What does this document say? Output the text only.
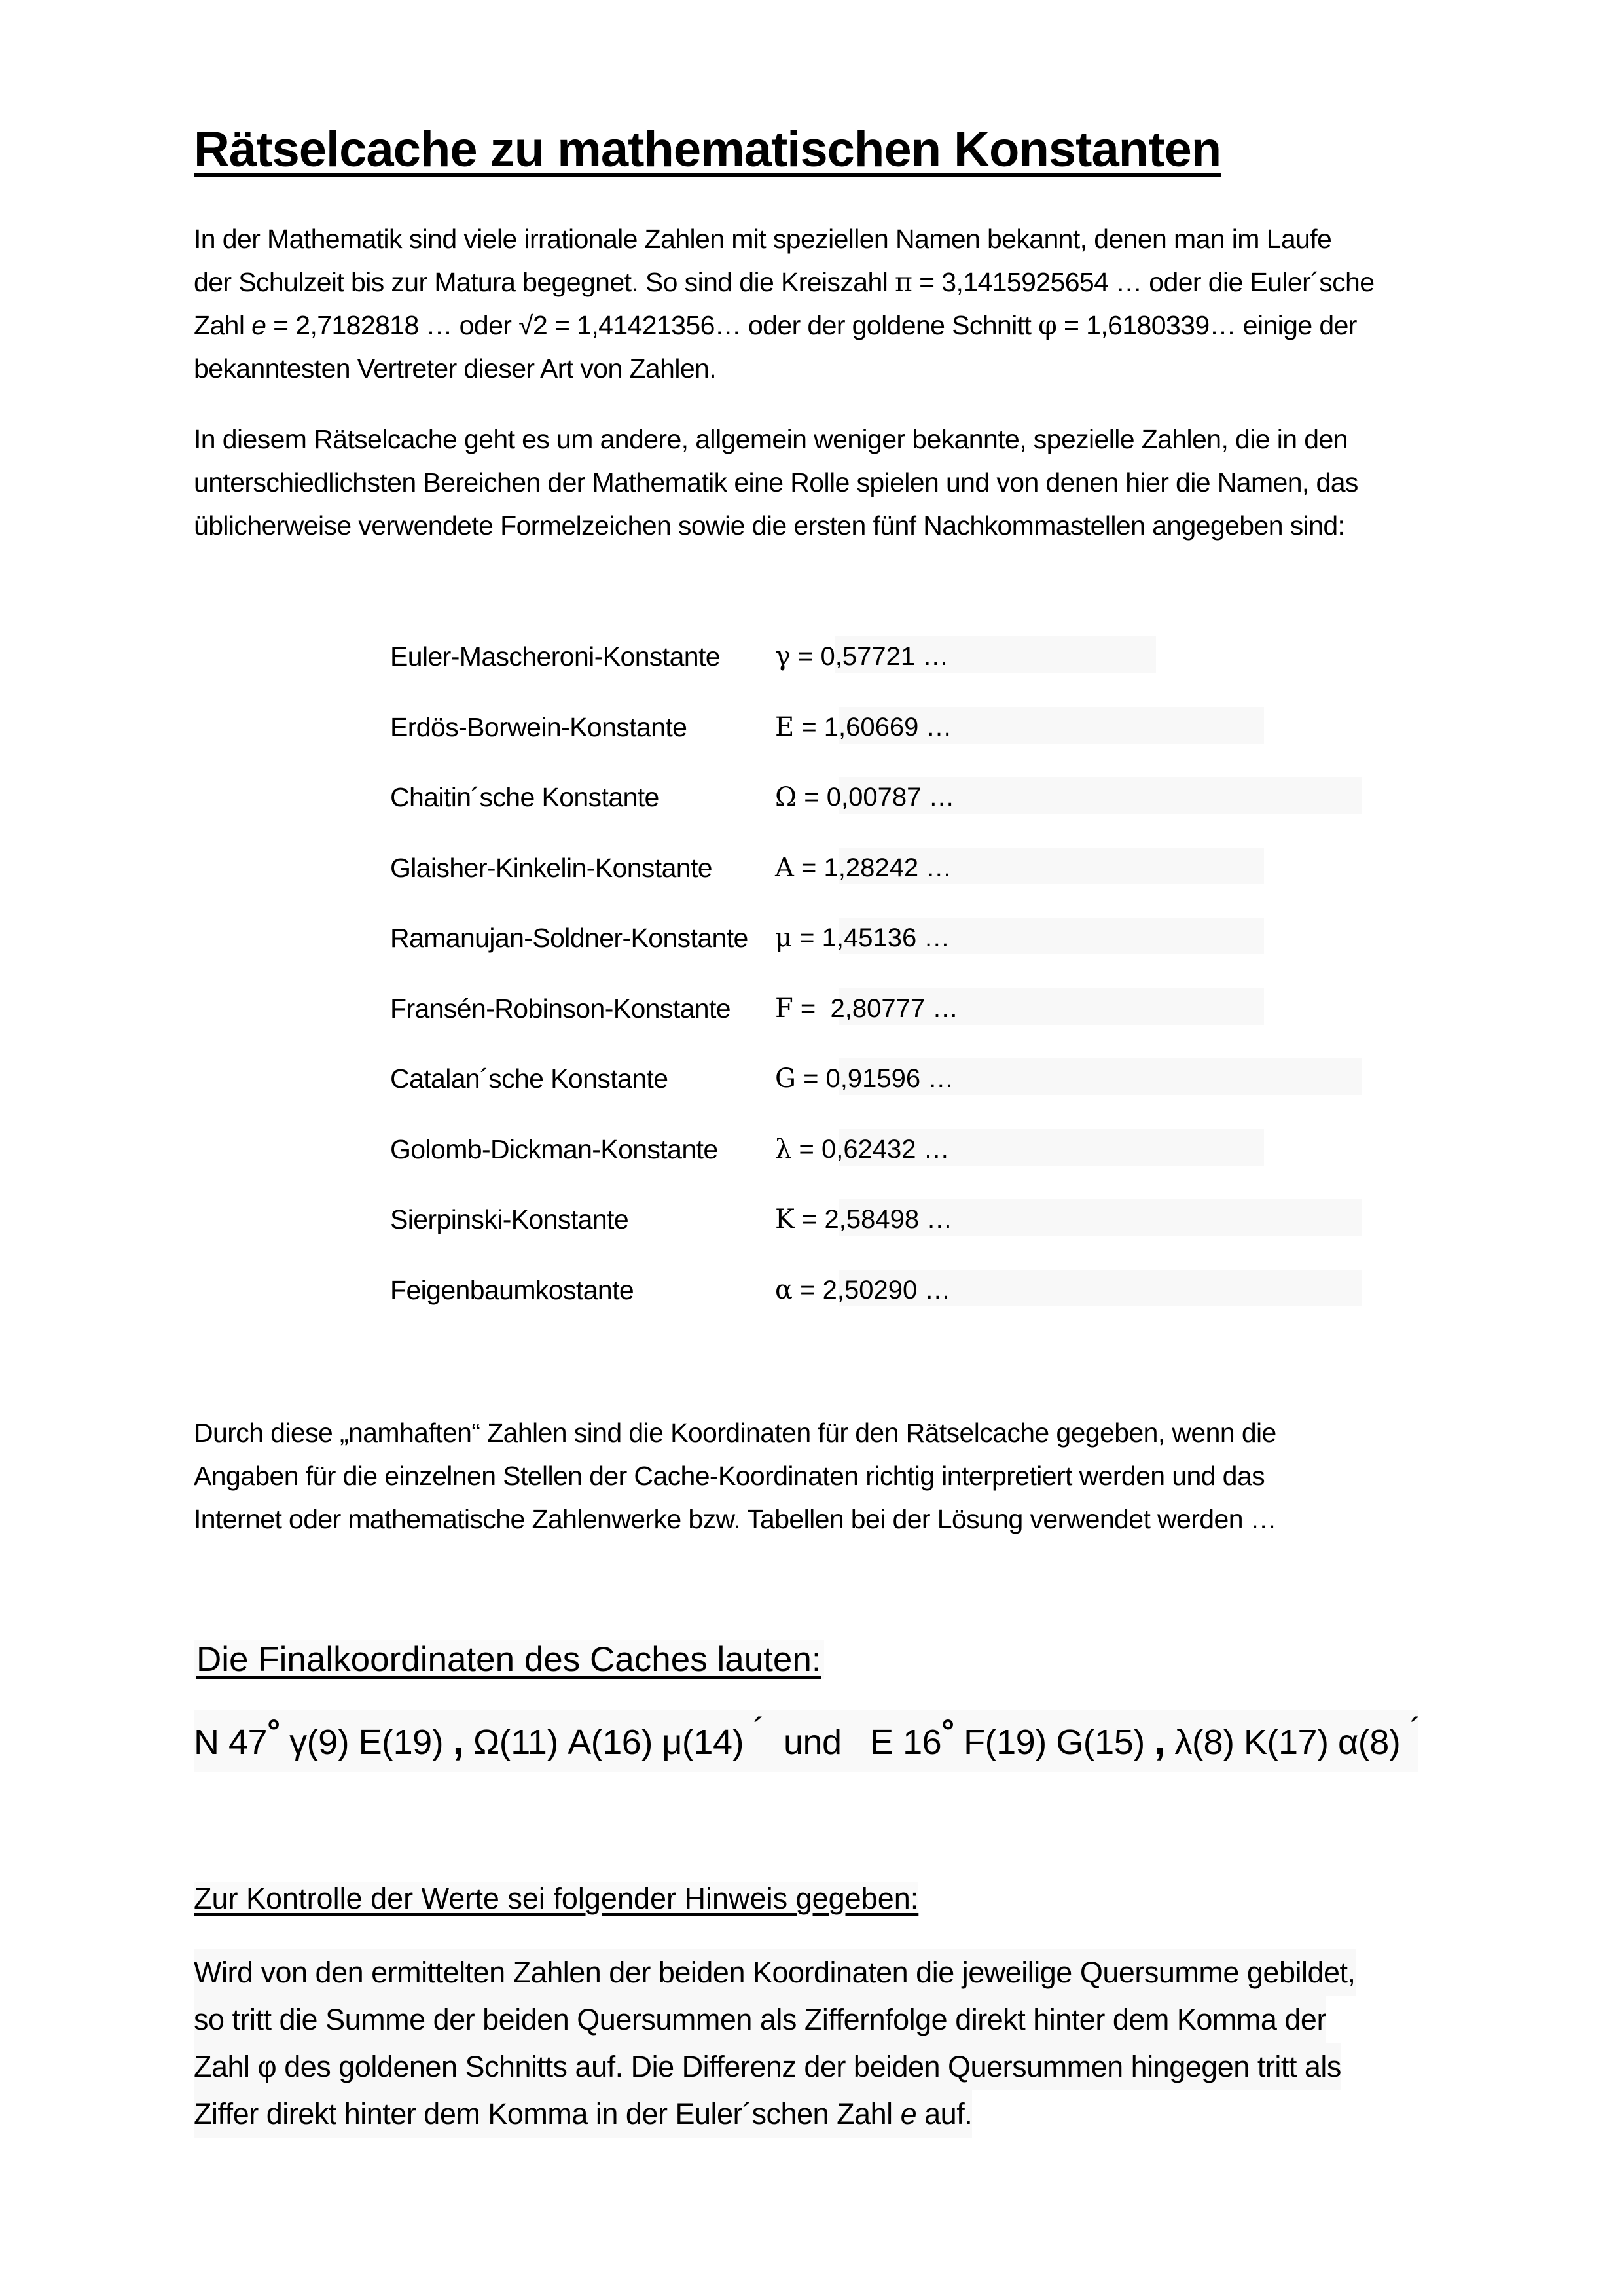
Rätselcache zu mathematischen Konstanten
In der Mathematik sind viele irrationale Zahlen mit speziellen Namen bekannt, denen man im Laufe
der Schulzeit bis zur Matura begegnet. So sind die Kreiszahl π = 3,1415925654 … oder die Euler´sche
Zahl e = 2,7182818 … oder √2 = 1,41421356… oder der goldene Schnitt φ = 1,6180339… einige der
bekanntesten Vertreter dieser Art von Zahlen.
In diesem Rätselcache geht es um andere, allgemein weniger bekannte, spezielle Zahlen, die in den
unterschiedlichsten Bereichen der Mathematik eine Rolle spielen und von denen hier die Namen, das
üblicherweise verwendete Formelzeichen sowie die ersten fünf Nachkommastellen angegeben sind:
Durch diese „namhaften“ Zahlen sind die Koordinaten für den Rätselcache gegeben, wenn die
Angaben für die einzelnen Stellen der Cache-Koordinaten richtig interpretiert werden und das
Internet oder mathematische Zahlenwerke bzw. Tabellen bei der Lösung verwendet werden …
Die Finalkoordinaten des Caches lauten:
N 47° γ(9) E(19) , Ω(11) A(16) μ(14) ´  und   E 16° F(19) G(15) , λ(8) K(17) α(8) ´
Zur Kontrolle der Werte sei folgender Hinweis gegeben:
Wird von den ermittelten Zahlen der beiden Koordinaten die jeweilige Quersumme gebildet,
so tritt die Summe der beiden Quersummen als Ziffernfolge direkt hinter dem Komma der
Zahl φ des goldenen Schnitts auf. Die Differenz der beiden Quersummen hingegen tritt als
Ziffer direkt hinter dem Komma in der Euler´schen Zahl e auf.
Euler-Mascheroni-Konstante γ = 0,57721 …
Erdös-Borwein-Konstante	E = 1,60669 …
Chaitin´sche Konstante	Ω = 0,00787 …
Glaisher-Kinkelin-Konstante A = 1,28242 …
Ramanujan-Soldner-Konstante μ = 1,45136 …
Fransén-Robinson-Konstante F =  2,80777 …
Catalan´sche Konstante	G = 0,91596 …
Golomb-Dickman-Konstante λ = 0,62432 …
Sierpinski-Konstante	K = 2,58498 …
Feigenbaumkostante	α = 2,50290 …
